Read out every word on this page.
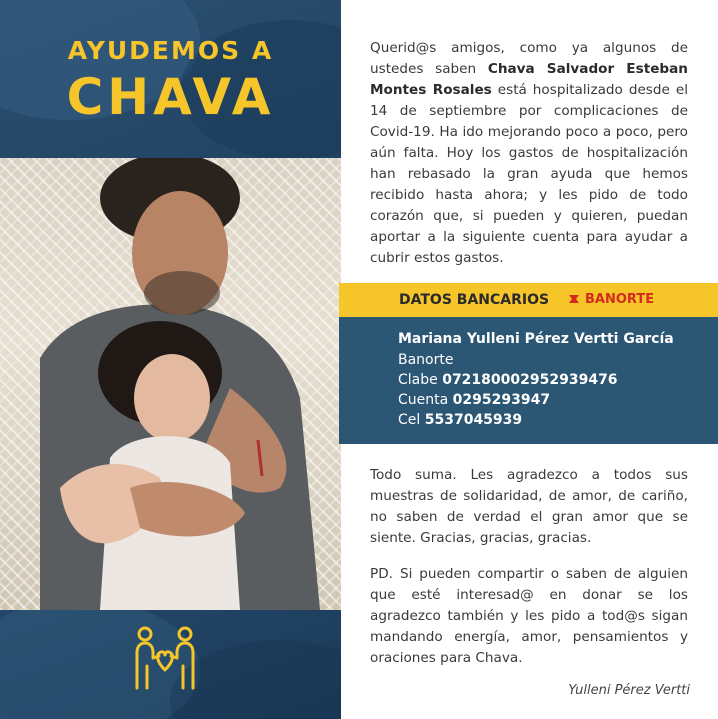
AYUDEMOS A
CHAVA
Querid@s amigos, como ya algunos de ustedes saben Chava Salvador Esteban Montes Rosales está hospitalizado desde el 14 de septiembre por complicaciones de Covid-19. Ha ido mejorando poco a poco, pero aún falta. Hoy los gastos de hospitalización han rebasado la gran ayuda que hemos recibido hasta ahora; y les pido de todo corazón que, si pueden y quieren, puedan aportar a la siguiente cuenta para ayudar a cubrir estos gastos.
Todo suma. Les agradezco a todos sus muestras de solidaridad, de amor, de cariño, no saben de verdad el gran amor que se siente. Gracias, gracias, gracias.
PD. Si pueden compartir o saben de alguien que esté interesad@ en donar se los agradezco también y les pido a tod@s sigan mandando energía, amor, pensamientos y oraciones para Chava.
Yulleni Pérez Vertti
DATOS BANCARIOS	BANORTE
Mariana Yulleni Pérez Vertti García
Banorte
Clabe 072180002952939476
Cuenta 0295293947
Cel 5537045939
